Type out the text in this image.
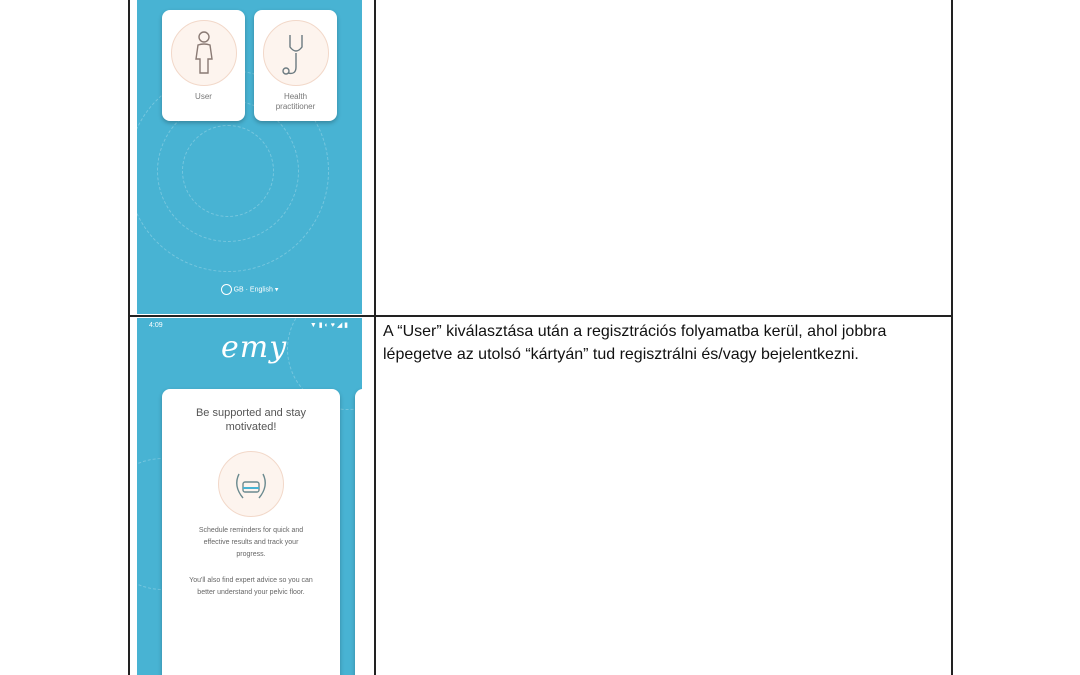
User	Health
practitioner
GB · English ▾
4:09	▼ ▮ ◐ ♥ ◢ ▮
emy
Be supported and stay
motivated!
Schedule reminders for quick and
effective results and track your
progress.
You'll also find expert advice so you can
better understand your pelvic floor.
A “User” kiválasztása után a regisztrációs folyamatba kerül, ahol jobbra lépegetve az utolsó “kártyán” tud regisztrálni és/vagy bejelentkezni.
